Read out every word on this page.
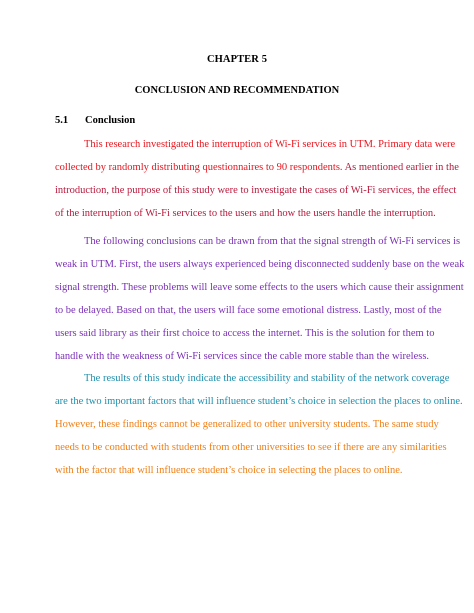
CHAPTER 5
CONCLUSION AND RECOMMENDATION
5.1 Conclusion
This research investigated the interruption of Wi-Fi services in UTM. Primary data were
collected by randomly distributing questionnaires to 90 respondents. As mentioned earlier in the
introduction, the purpose of this study were to investigate the cases of Wi-Fi services, the effect
of the interruption of Wi-Fi services to the users and how the users handle the interruption.
The following conclusions can be drawn from that the signal strength of Wi-Fi services is
weak in UTM. First, the users always experienced being disconnected suddenly base on the weak
signal strength. These problems will leave some effects to the users which cause their assignment
to be delayed. Based on that, the users will face some emotional distress. Lastly, most of the
users said library as their first choice to access the internet. This is the solution for them to
handle with the weakness of Wi-Fi services since the cable more stable than the wireless.
The results of this study indicate the accessibility and stability of the network coverage
are the two important factors that will influence student’s choice in selection the places to online.
However, these findings cannot be generalized to other university students. The same study
needs to be conducted with students from other universities to see if there are any similarities
with the factor that will influence student’s choice in selecting the places to online.
